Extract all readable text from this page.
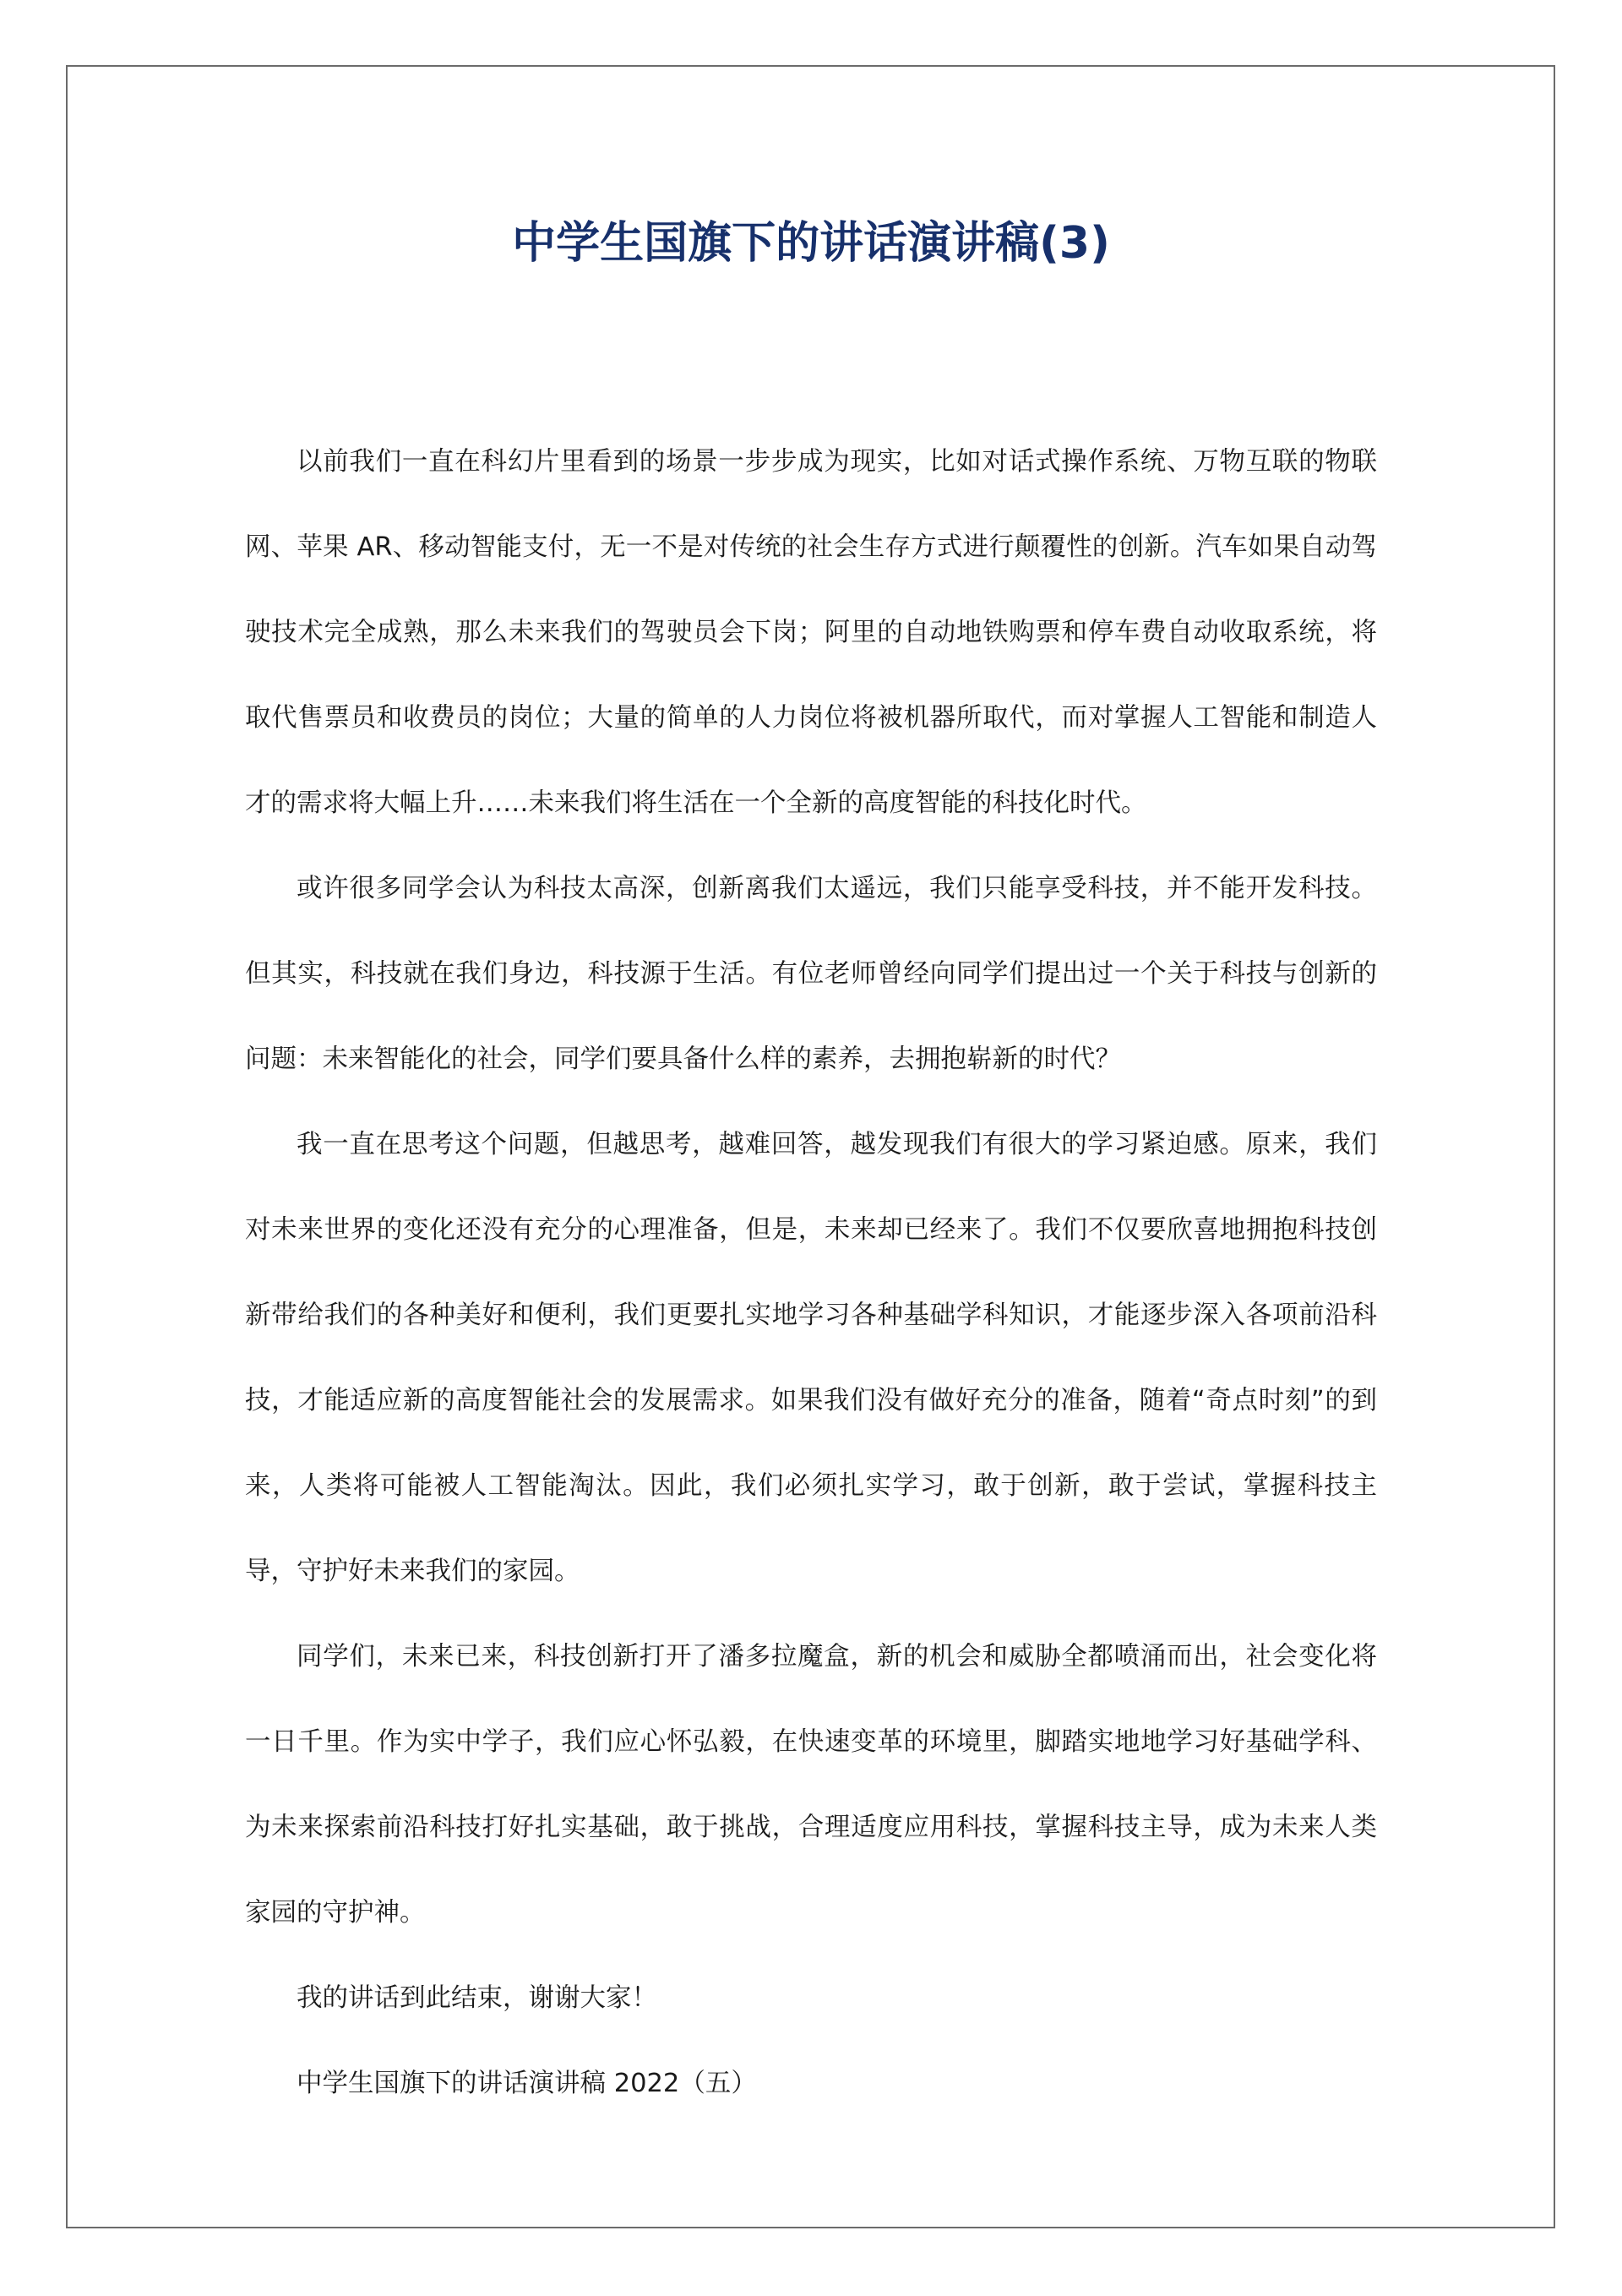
中学生国旗下的讲话演讲稿(3)

以前我们一直在科幻片里看到的场景一步步成为现实，比如对话式操作系统、万物互联的物联网、苹果 AR、移动智能支付，无一不是对传统的社会生存方式进行颠覆性的创新。汽车如果自动驾驶技术完全成熟，那么未来我们的驾驶员会下岗；阿里的自动地铁购票和停车费自动收取系统，将取代售票员和收费员的岗位；大量的简单的人力岗位将被机器所取代，而对掌握人工智能和制造人才的需求将大幅上升……未来我们将生活在一个全新的高度智能的科技化时代。

或许很多同学会认为科技太高深，创新离我们太遥远，我们只能享受科技，并不能开发科技。但其实，科技就在我们身边，科技源于生活。有位老师曾经向同学们提出过一个关于科技与创新的问题：未来智能化的社会，同学们要具备什么样的素养，去拥抱崭新的时代？

我一直在思考这个问题，但越思考，越难回答，越发现我们有很大的学习紧迫感。原来，我们对未来世界的变化还没有充分的心理准备，但是，未来却已经来了。我们不仅要欣喜地拥抱科技创新带给我们的各种美好和便利，我们更要扎实地学习各种基础学科知识，才能逐步深入各项前沿科技，才能适应新的高度智能社会的发展需求。如果我们没有做好充分的准备，随着“奇点时刻”的到来，人类将可能被人工智能淘汰。因此，我们必须扎实学习，敢于创新，敢于尝试，掌握科技主导，守护好未来我们的家园。

同学们，未来已来，科技创新打开了潘多拉魔盒，新的机会和威胁全都喷涌而出，社会变化将一日千里。作为实中学子，我们应心怀弘毅，在快速变革的环境里，脚踏实地地学习好基础学科、为未来探索前沿科技打好扎实基础，敢于挑战，合理适度应用科技，掌握科技主导，成为未来人类家园的守护神。

我的讲话到此结束，谢谢大家！

中学生国旗下的讲话演讲稿 2022（五）
